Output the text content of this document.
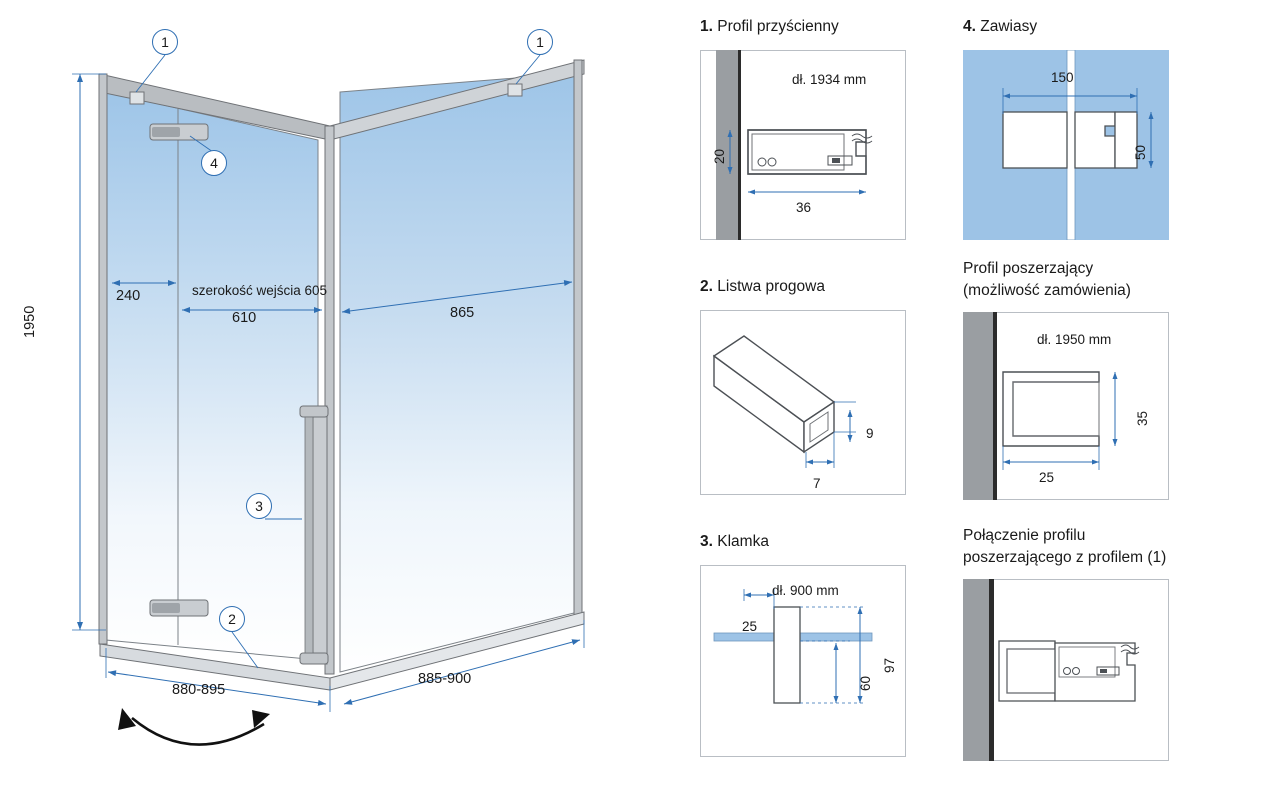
1950
240	szerokość wejścia 605
610	865
880-895
885-900
1	1
4
3
2
1. Profil przyścienny
dł. 1934 mm
20
36
2. Listwa progowa
9
7
3. Klamka
dł. 900 mm
25
97
60
4. Zawiasy
150
50
Profil poszerzający
(możliwość zamówienia)
dł. 1950 mm
35
25
Połączenie profilu
poszerzającego z profilem (1)
